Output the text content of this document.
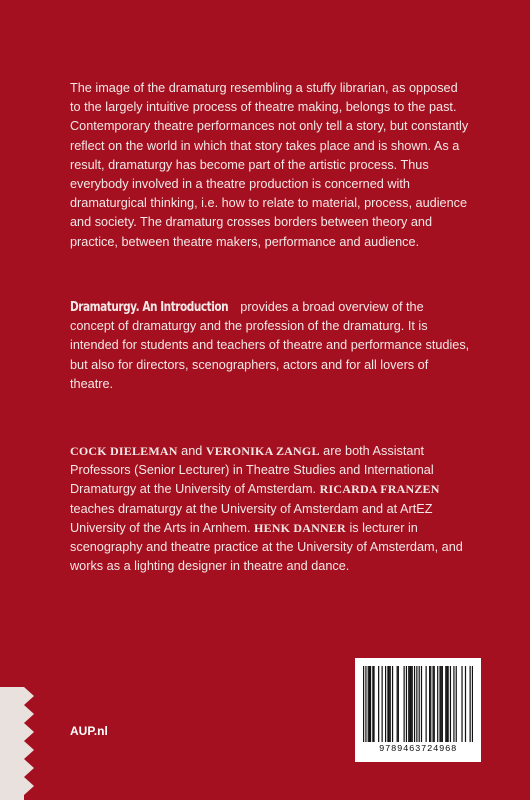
The image of the dramaturg resembling a stuffy librarian, as opposed to the largely intuitive process of theatre making, belongs to the past. Contemporary theatre performances not only tell a story, but constantly reflect on the world in which that story takes place and is shown. As a result, dramaturgy has become part of the artistic process. Thus everybody involved in a theatre production is concerned with dramaturgical thinking, i.e. how to relate to material, process, audience and society. The dramaturg crosses borders between theory and practice, between theatre makers, performance and audience.

Dramaturgy. An Introduction provides a broad overview of the concept of dramaturgy and the profession of the dramaturg. It is intended for students and teachers of theatre and performance studies, but also for directors, scenographers, actors and for all lovers of theatre.

COCK DIELEMAN and VERONIKA ZANGL are both Assistant Professors (Senior Lecturer) in Theatre Studies and International Dramaturgy at the University of Amsterdam. RICARDA FRANZEN teaches dramaturgy at the University of Amsterdam and at ArtEZ University of the Arts in Arnhem. HENK DANNER is lecturer in scenography and theatre practice at the University of Amsterdam, and works as a lighting designer in theatre and dance.

AUP.nl
9789463724968
